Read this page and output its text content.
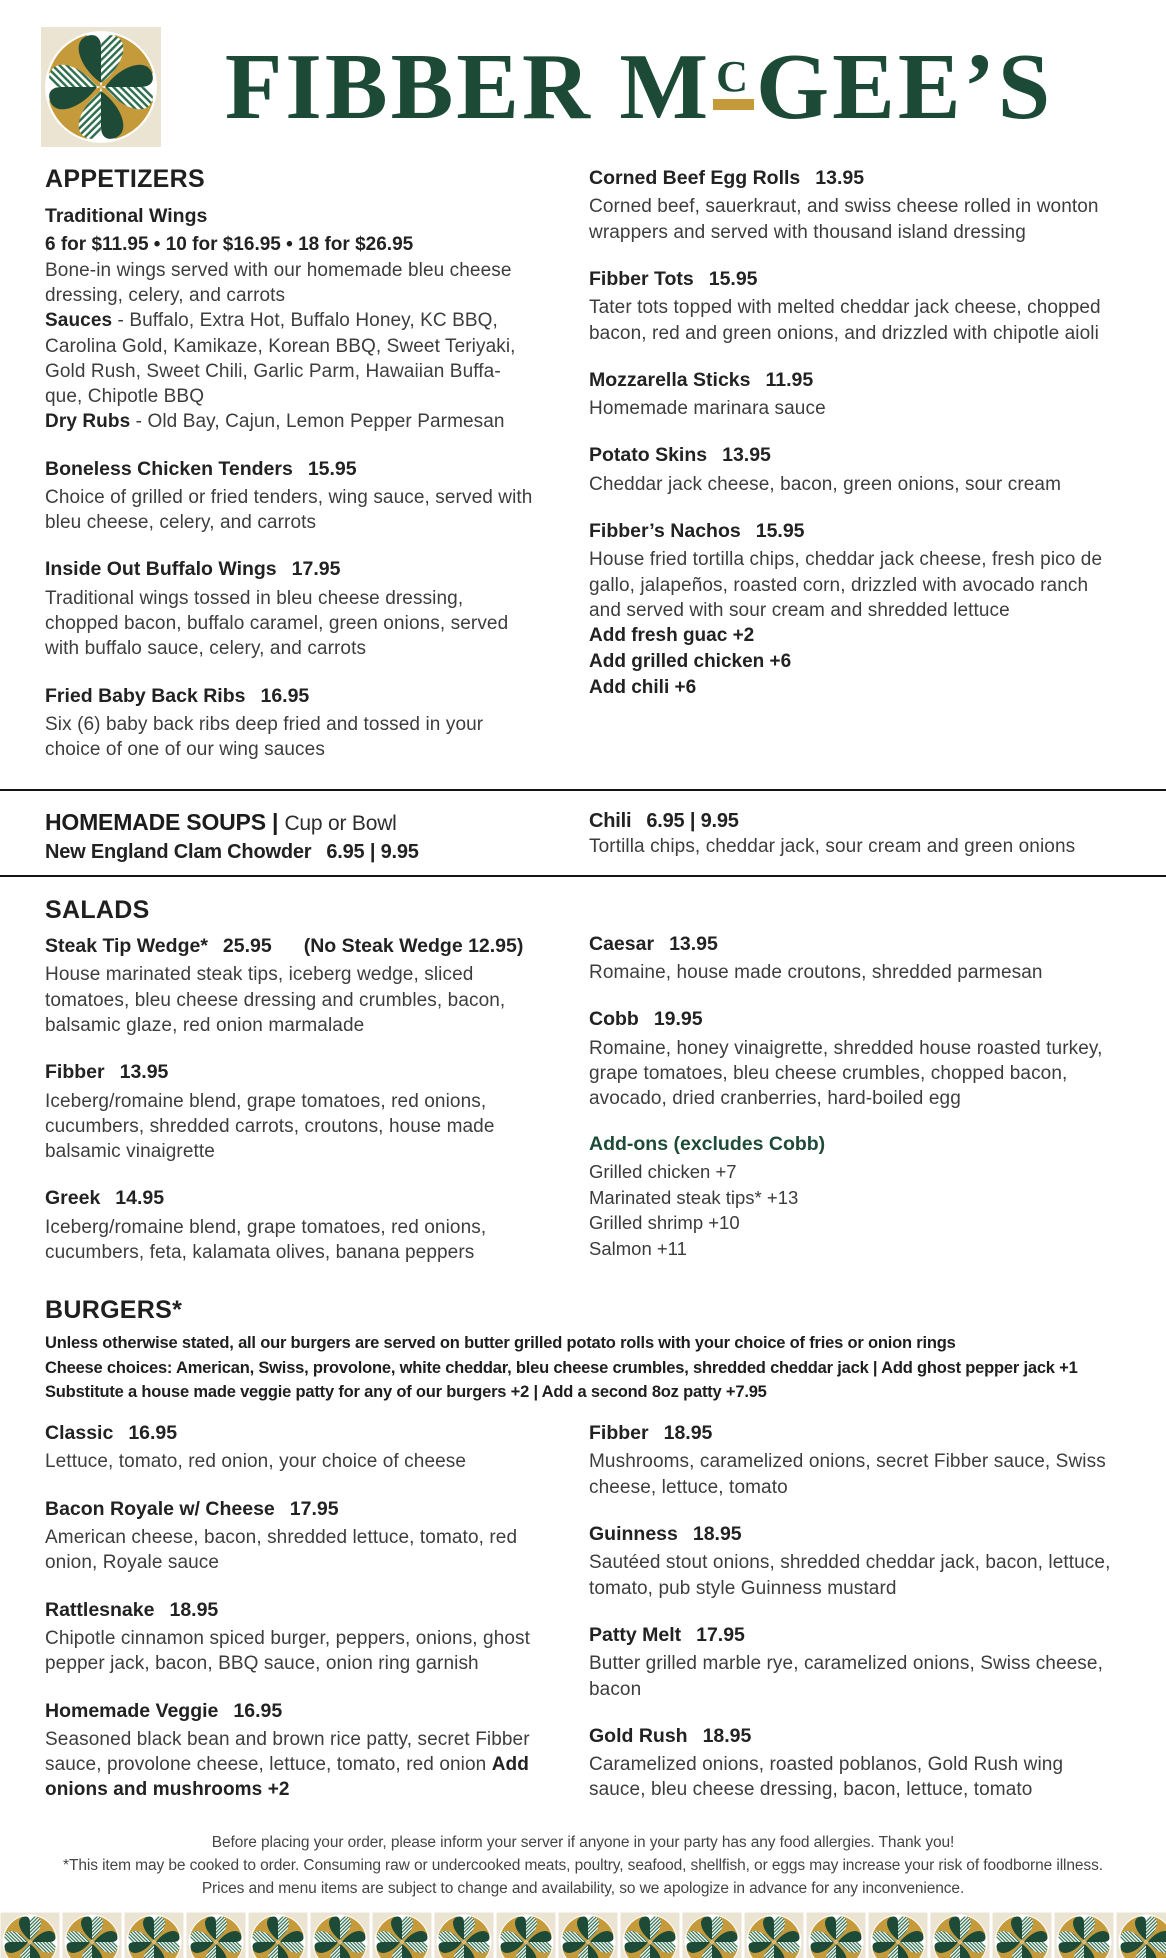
FIBBER M CGEE’S
APPETIZERS
Traditional Wings
6 for $11.95 • 10 for $16.95 • 18 for $26.95
Bone-in wings served with our homemade bleu cheese dressing, celery, and carrots
Sauces - Buffalo, Extra Hot, Buffalo Honey, KC BBQ, Carolina Gold, Kamikaze, Korean BBQ, Sweet Teriyaki, Gold Rush, Sweet Chili, Garlic Parm, Hawaiian Buffa-que, Chipotle BBQ
Dry Rubs - Old Bay, Cajun, Lemon Pepper Parmesan
Boneless Chicken Tenders 15.95
Choice of grilled or fried tenders, wing sauce, served with bleu cheese, celery, and carrots
Inside Out Buffalo Wings 17.95
Traditional wings tossed in bleu cheese dressing, chopped bacon, buffalo caramel, green onions, served with buffalo sauce, celery, and carrots
Fried Baby Back Ribs 16.95
Six (6) baby back ribs deep fried and tossed in your choice of one of our wing sauces
Corned Beef Egg Rolls 13.95
Corned beef, sauerkraut, and swiss cheese rolled in wonton wrappers and served with thousand island dressing
Fibber Tots 15.95
Tater tots topped with melted cheddar jack cheese, chopped bacon, red and green onions, and drizzled with chipotle aioli
Mozzarella Sticks 11.95
Homemade marinara sauce
Potato Skins 13.95
Cheddar jack cheese, bacon, green onions, sour cream
Fibber’s Nachos 15.95
House fried tortilla chips, cheddar jack cheese, fresh pico de gallo, jalapeños, roasted corn, drizzled with avocado ranch and served with sour cream and shredded lettuce
Add fresh guac +2
Add grilled chicken +6
Add chili +6
HOMEMADE SOUPS | Cup or Bowl
New England Clam Chowder 6.95 | 9.95
Chili 6.95 | 9.95
Tortilla chips, cheddar jack, sour cream and green onions
SALADS
Steak Tip Wedge* 25.95 (No Steak Wedge 12.95)
House marinated steak tips, iceberg wedge, sliced tomatoes, bleu cheese dressing and crumbles, bacon, balsamic glaze, red onion marmalade
Fibber 13.95
Iceberg/romaine blend, grape tomatoes, red onions, cucumbers, shredded carrots, croutons, house made balsamic vinaigrette
Greek 14.95
Iceberg/romaine blend, grape tomatoes, red onions, cucumbers, feta, kalamata olives, banana peppers
Caesar 13.95
Romaine, house made croutons, shredded parmesan
Cobb 19.95
Romaine, honey vinaigrette, shredded house roasted turkey, grape tomatoes, bleu cheese crumbles, chopped bacon, avocado, dried cranberries, hard-boiled egg
Add-ons (excludes Cobb)
Grilled chicken +7
Marinated steak tips* +13
Grilled shrimp +10
Salmon +11
BURGERS*
Unless otherwise stated, all our burgers are served on butter grilled potato rolls with your choice of fries or onion rings
Cheese choices: American, Swiss, provolone, white cheddar, bleu cheese crumbles, shredded cheddar jack | Add ghost pepper jack +1
Substitute a house made veggie patty for any of our burgers +2 | Add a second 8oz patty +7.95
Classic 16.95
Lettuce, tomato, red onion, your choice of cheese
Bacon Royale w/ Cheese 17.95
American cheese, bacon, shredded lettuce, tomato, red onion, Royale sauce
Rattlesnake 18.95
Chipotle cinnamon spiced burger, peppers, onions, ghost pepper jack, bacon, BBQ sauce, onion ring garnish
Homemade Veggie 16.95
Seasoned black bean and brown rice patty, secret Fibber sauce, provolone cheese, lettuce, tomato, red onion Add onions and mushrooms +2
Fibber 18.95
Mushrooms, caramelized onions, secret Fibber sauce, Swiss cheese, lettuce, tomato
Guinness 18.95
Sautéed stout onions, shredded cheddar jack, bacon, lettuce, tomato, pub style Guinness mustard
Patty Melt 17.95
Butter grilled marble rye, caramelized onions, Swiss cheese, bacon
Gold Rush 18.95
Caramelized onions, roasted poblanos, Gold Rush wing sauce, bleu cheese dressing, bacon, lettuce, tomato
Before placing your order, please inform your server if anyone in your party has any food allergies. Thank you!
*This item may be cooked to order. Consuming raw or undercooked meats, poultry, seafood, shellfish, or eggs may increase your risk of foodborne illness.
Prices and menu items are subject to change and availability, so we apologize in advance for any inconvenience.
